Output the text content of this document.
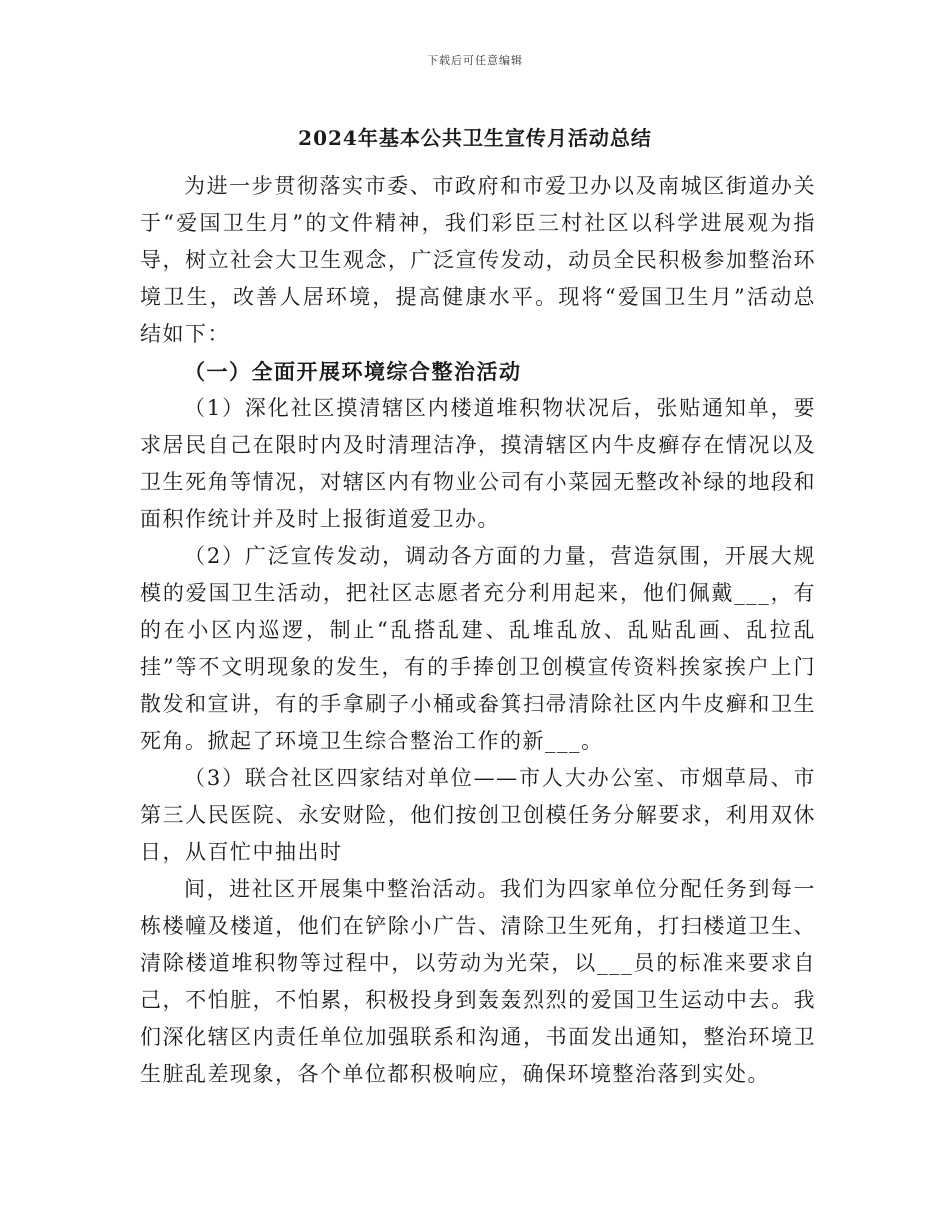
下载后可任意编辑
2024年基本公共卫生宣传月活动总结

为进一步贯彻落实市委、市政府和市爱卫办以及南城区街道办关于“爱国卫生月”的文件精神，我们彩臣三村社区以科学进展观为指导，树立社会大卫生观念，广泛宣传发动，动员全民积极参加整治环境卫生，改善人居环境，提高健康水平。现将“爱国卫生月”活动总结如下：

（一）全面开展环境综合整治活动

（1）深化社区摸清辖区内楼道堆积物状况后，张贴通知单，要求居民自己在限时内及时清理洁净，摸清辖区内牛皮癣存在情况以及卫生死角等情况，对辖区内有物业公司有小菜园无整改补绿的地段和面积作统计并及时上报街道爱卫办。

（2）广泛宣传发动，调动各方面的力量，营造氛围，开展大规模的爱国卫生活动，把社区志愿者充分利用起来，他们佩戴___，有的在小区内巡逻，制止“乱搭乱建、乱堆乱放、乱贴乱画、乱拉乱挂”等不文明现象的发生，有的手捧创卫创模宣传资料挨家挨户上门散发和宣讲，有的手拿刷子小桶或畚箕扫帚清除社区内牛皮癣和卫生死角。掀起了环境卫生综合整治工作的新___。

（3）联合社区四家结对单位——市人大办公室、市烟草局、市第三人民医院、永安财险，他们按创卫创模任务分解要求，利用双休日，从百忙中抽出时

间，进社区开展集中整治活动。我们为四家单位分配任务到每一栋楼幢及楼道，他们在铲除小广告、清除卫生死角，打扫楼道卫生、清除楼道堆积物等过程中，以劳动为光荣，以___员的标准来要求自己，不怕脏，不怕累，积极投身到轰轰烈烈的爱国卫生运动中去。我们深化辖区内责任单位加强联系和沟通，书面发出通知，整治环境卫生脏乱差现象，各个单位都积极响应，确保环境整治落到实处。
